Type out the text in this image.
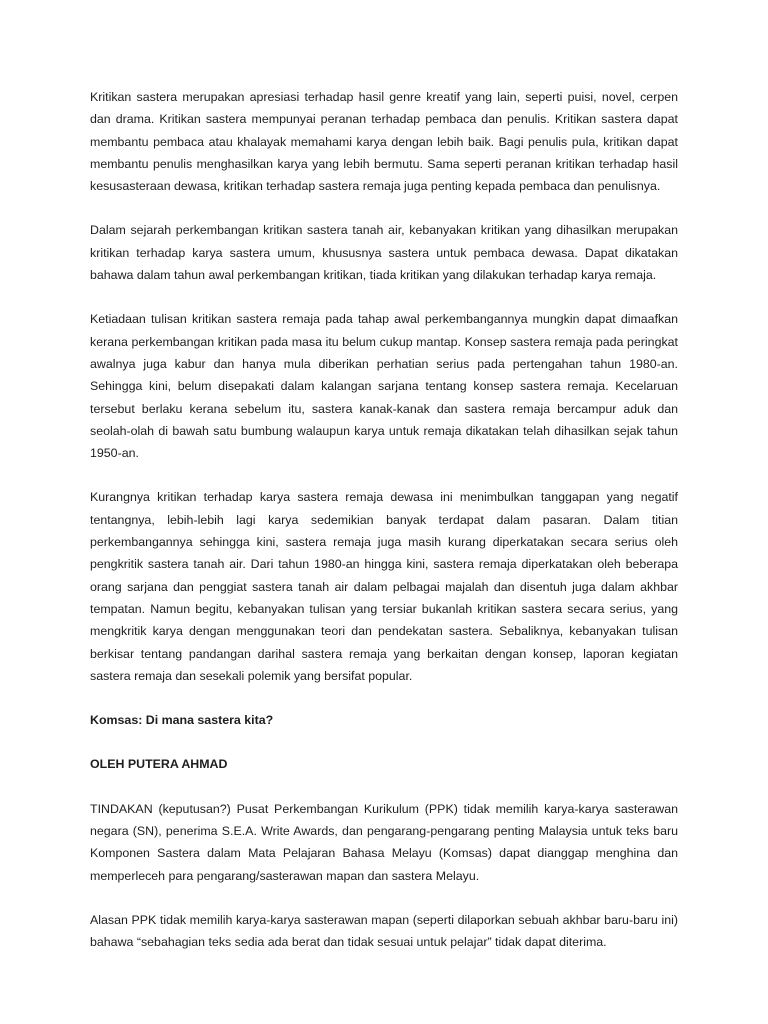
Kritikan sastera merupakan apresiasi terhadap hasil genre kreatif yang lain, seperti puisi, novel, cerpen dan drama. Kritikan sastera mempunyai peranan terhadap pembaca dan penulis. Kritikan sastera dapat membantu pembaca atau khalayak memahami karya dengan lebih baik. Bagi penulis pula, kritikan dapat membantu penulis menghasilkan karya yang lebih bermutu. Sama seperti peranan kritikan terhadap hasil kesusasteraan dewasa, kritikan terhadap sastera remaja juga penting kepada pembaca dan penulisnya.

Dalam sejarah perkembangan kritikan sastera tanah air, kebanyakan kritikan yang dihasilkan merupakan kritikan terhadap karya sastera umum, khususnya sastera untuk pembaca dewasa. Dapat dikatakan bahawa dalam tahun awal perkembangan kritikan, tiada kritikan yang dilakukan terhadap karya remaja.

Ketiadaan tulisan kritikan sastera remaja pada tahap awal perkembangannya mungkin dapat dimaafkan kerana perkembangan kritikan pada masa itu belum cukup mantap. Konsep sastera remaja pada peringkat awalnya juga kabur dan hanya mula diberikan perhatian serius pada pertengahan tahun 1980-an. Sehingga kini, belum disepakati dalam kalangan sarjana tentang konsep sastera remaja. Kecelaruan tersebut berlaku kerana sebelum itu, sastera kanak-kanak dan sastera remaja bercampur aduk dan seolah-olah di bawah satu bumbung walaupun karya untuk remaja dikatakan telah dihasilkan sejak tahun 1950-an.

Kurangnya kritikan terhadap karya sastera remaja dewasa ini menimbulkan tanggapan yang negatif tentangnya, lebih-lebih lagi karya sedemikian banyak terdapat dalam pasaran. Dalam titian perkembangannya sehingga kini, sastera remaja juga masih kurang diperkatakan secara serius oleh pengkritik sastera tanah air. Dari tahun 1980-an hingga kini, sastera remaja diperkatakan oleh beberapa orang sarjana dan penggiat sastera tanah air dalam pelbagai majalah dan disentuh juga dalam akhbar tempatan. Namun begitu, kebanyakan tulisan yang tersiar bukanlah kritikan sastera secara serius, yang mengkritik karya dengan menggunakan teori dan pendekatan sastera. Sebaliknya, kebanyakan tulisan berkisar tentang pandangan darihal sastera remaja yang berkaitan dengan konsep, laporan kegiatan sastera remaja dan sesekali polemik yang bersifat popular.

Komsas: Di mana sastera kita?

OLEH PUTERA AHMAD

TINDAKAN (keputusan?) Pusat Perkembangan Kurikulum (PPK) tidak memilih karya-karya sasterawan negara (SN), penerima S.E.A. Write Awards, dan pengarang-pengarang penting Malaysia untuk teks baru Komponen Sastera dalam Mata Pelajaran Bahasa Melayu (Komsas) dapat dianggap menghina dan memperleceh para pengarang/sasterawan mapan dan sastera Melayu.

Alasan PPK tidak memilih karya-karya sasterawan mapan (seperti dilaporkan sebuah akhbar baru-baru ini) bahawa “sebahagian teks sedia ada berat dan tidak sesuai untuk pelajar” tidak dapat diterima.
